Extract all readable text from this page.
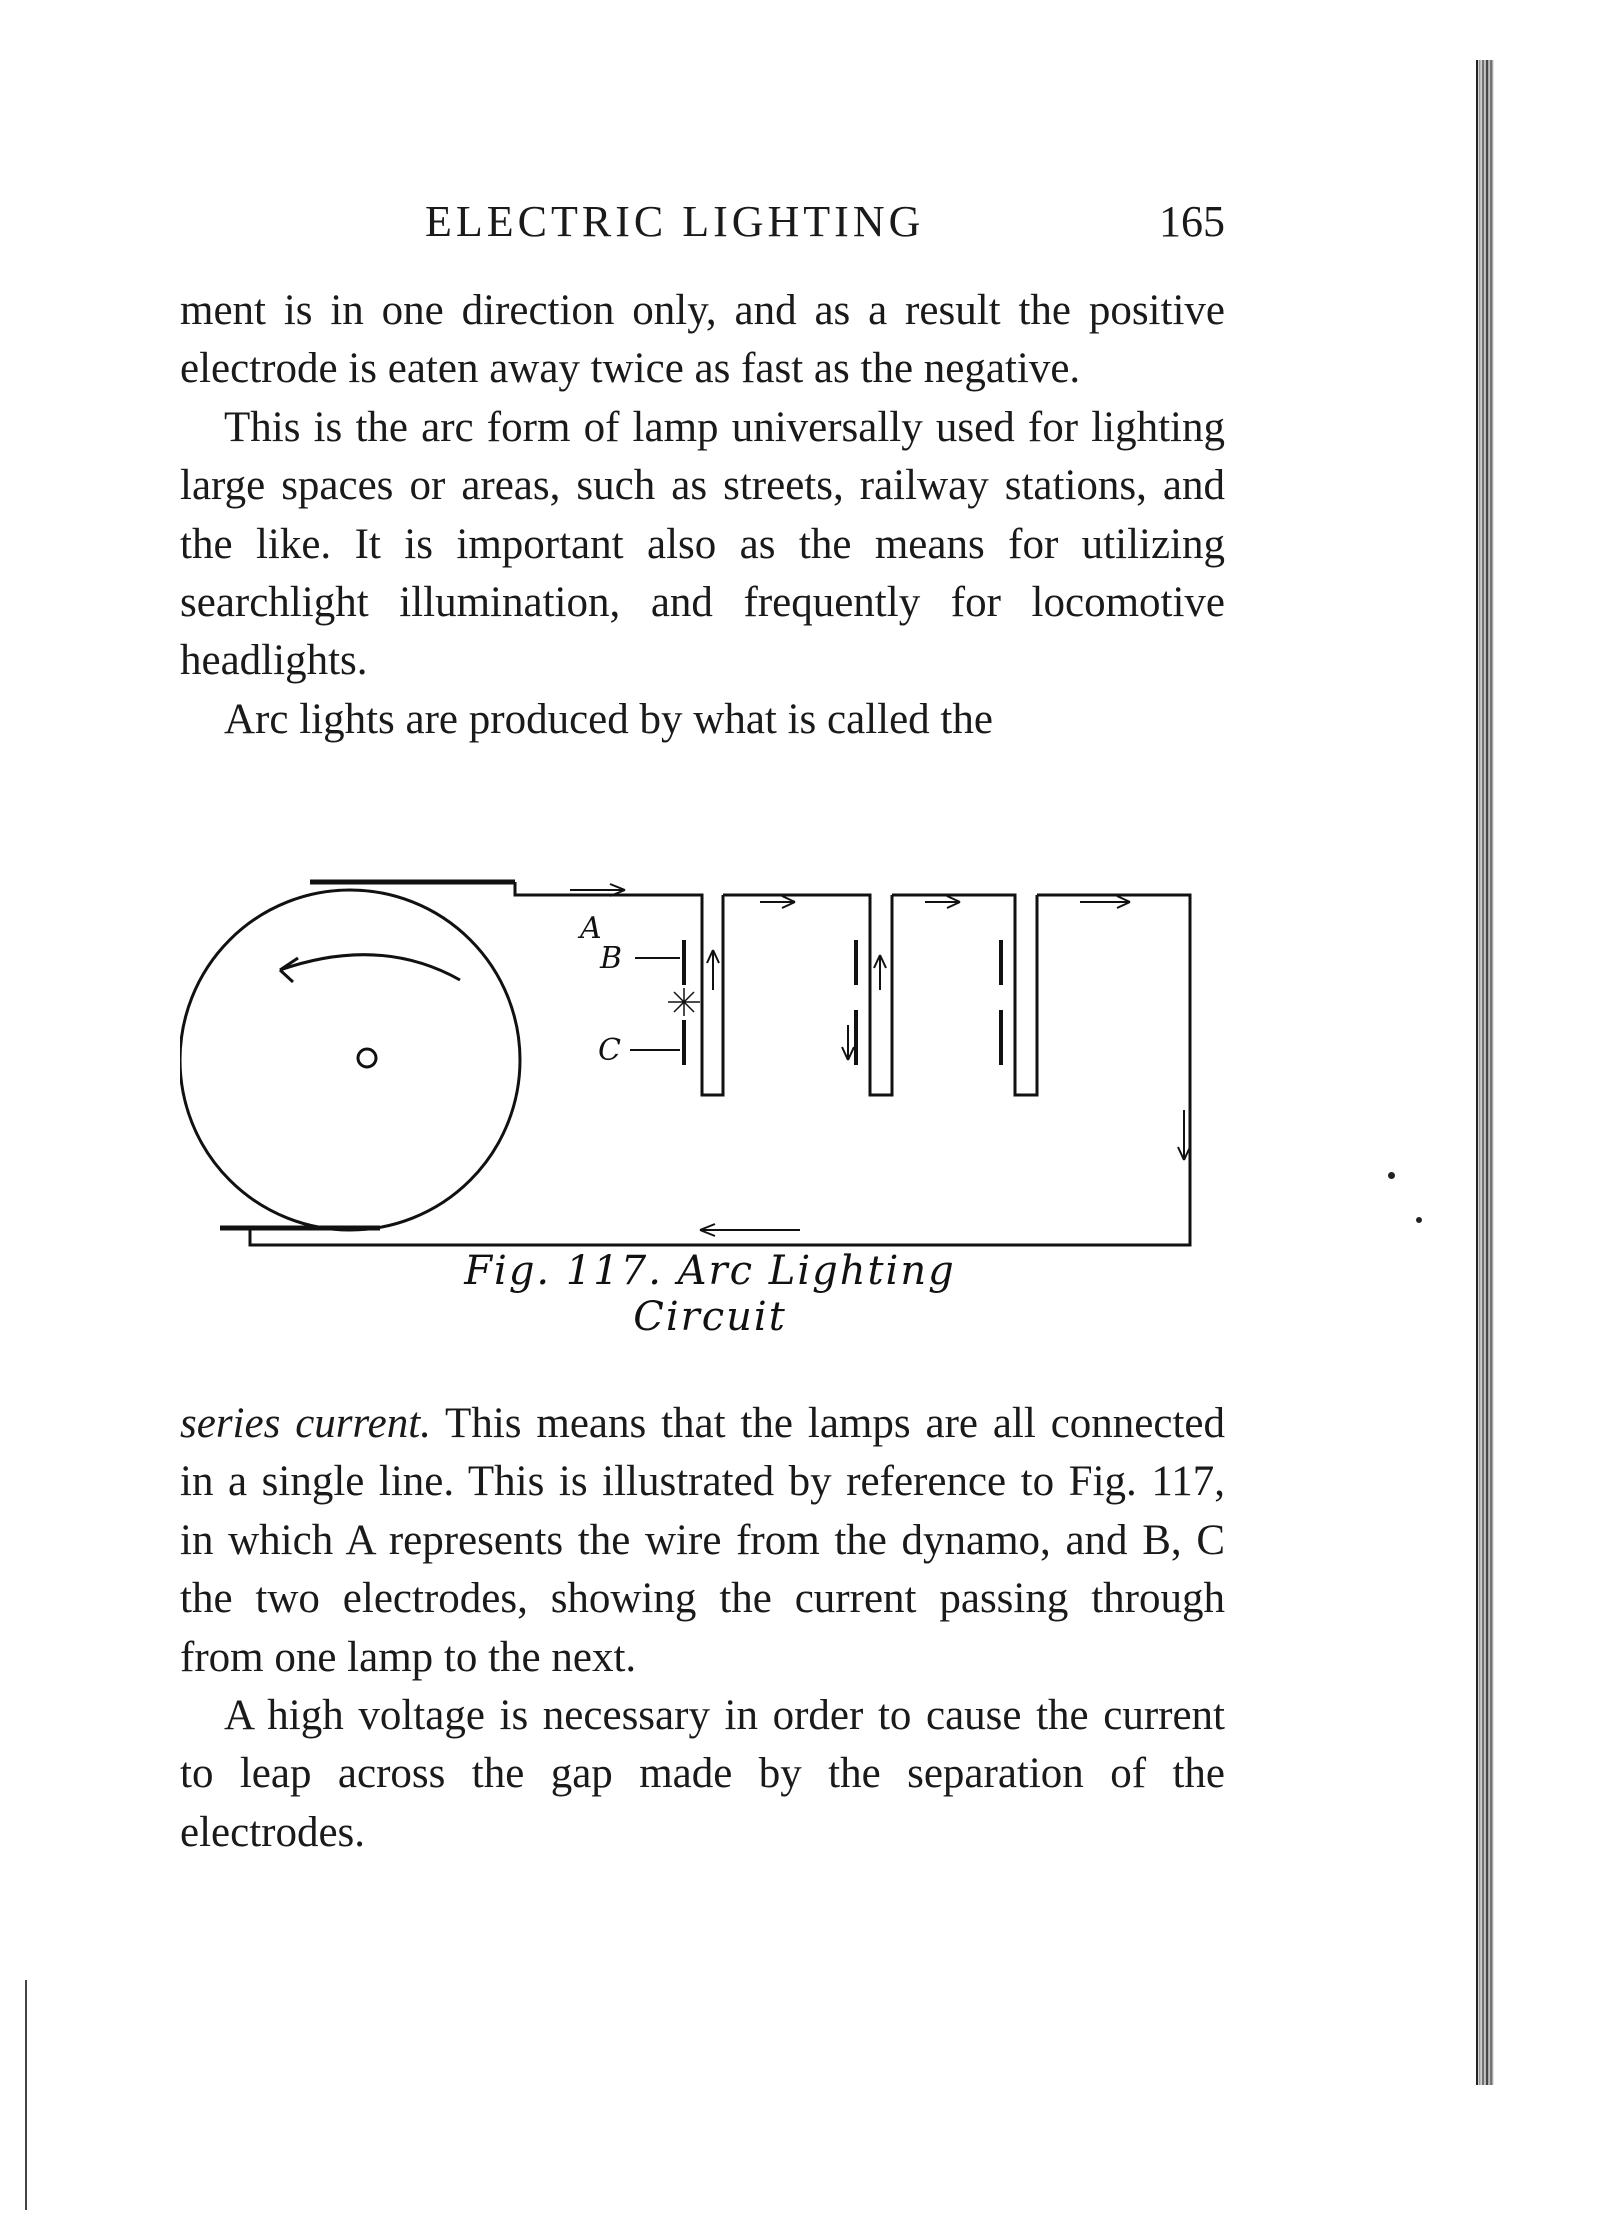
ELECTRIC LIGHTING	165

ment is in one direction only, and as a result the positive electrode is eaten away twice as fast as the negative.

This is the arc form of lamp universally used for lighting large spaces or areas, such as streets, railway stations, and the like. It is important also as the means for utilizing searchlight illumination, and frequently for locomotive headlights.

Arc lights are produced by what is called the

A
B
C
Fig. 117. Arc Lighting Circuit

series current. This means that the lamps are all connected in a single line. This is illustrated by reference to Fig. 117, in which A represents the wire from the dynamo, and B, C the two electrodes, showing the current passing through from one lamp to the next.

A high voltage is necessary in order to cause the current to leap across the gap made by the separation of the electrodes.
